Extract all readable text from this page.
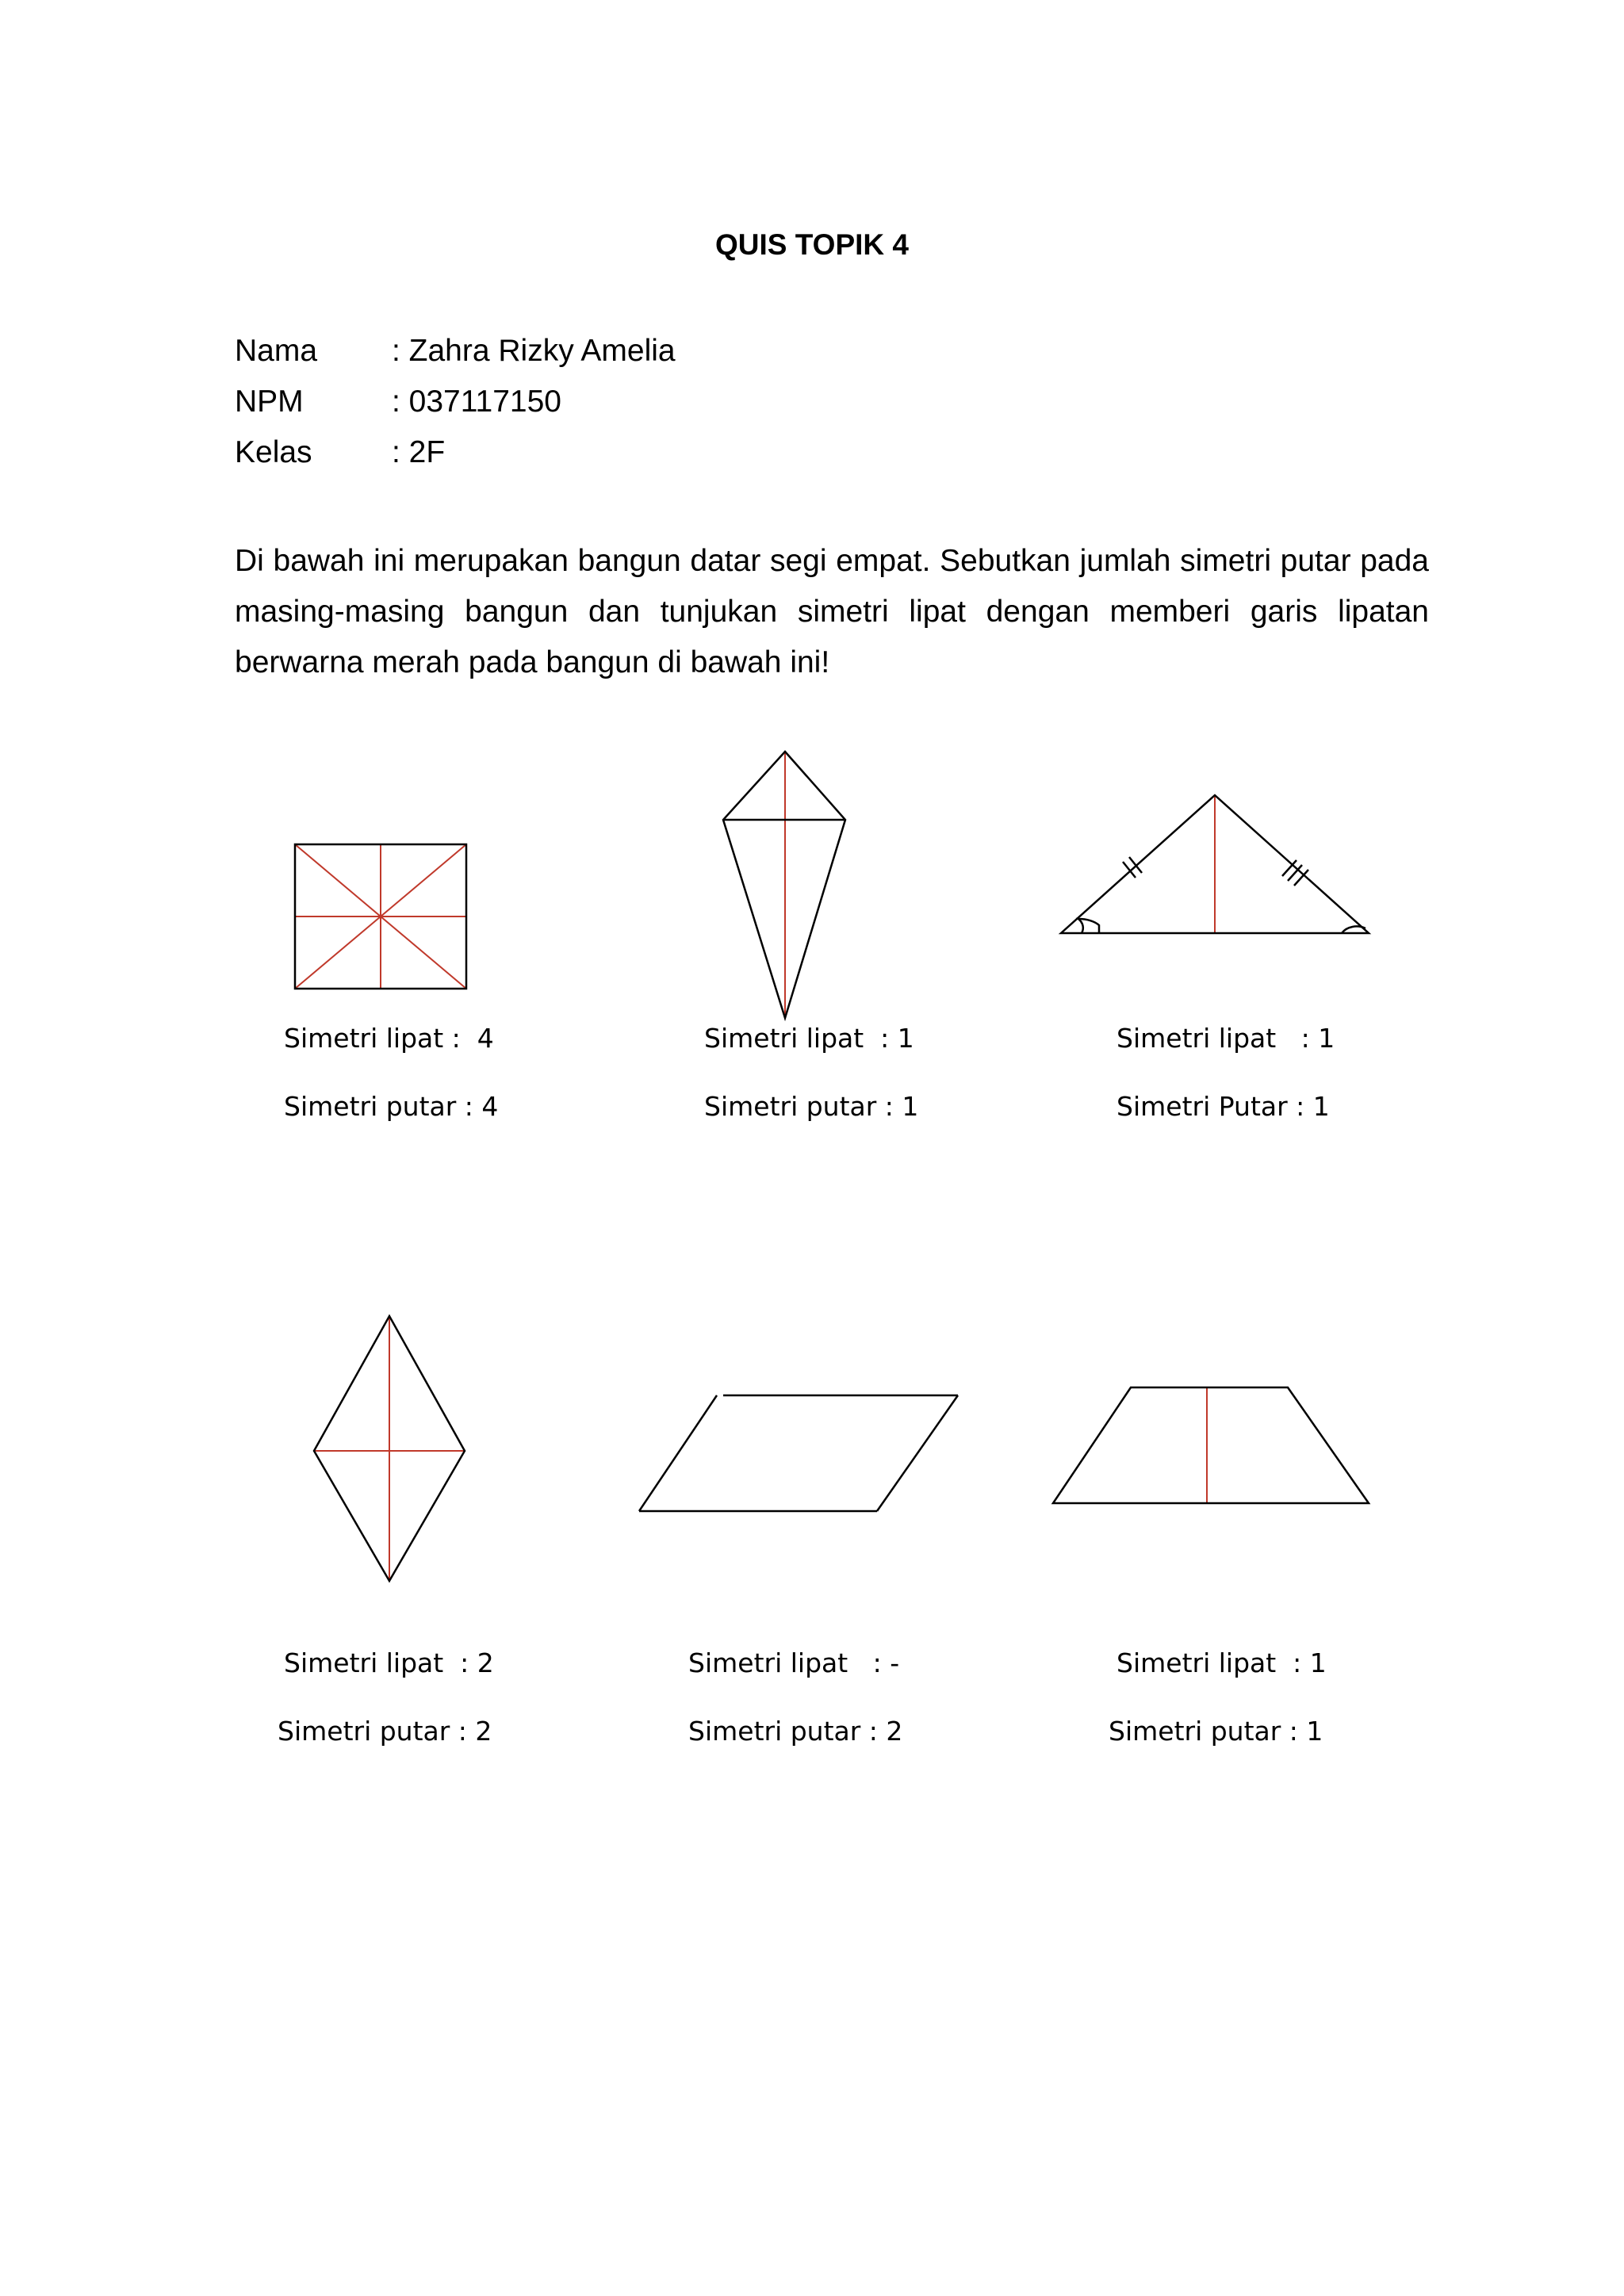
QUIS TOPIK 4
Nama	: Zahra Rizky Amelia
NPM	: 037117150
Kelas	: 2F
Di bawah ini merupakan bangun datar segi empat. Sebutkan jumlah simetri putar pada masing-masing bangun dan tunjukan simetri lipat dengan memberi garis lipatan berwarna merah pada bangun di bawah ini!
Simetri lipat :  4
Simetri putar : 4
Simetri lipat  : 1
Simetri putar : 1
Simetri lipat   : 1
Simetri Putar : 1
Simetri lipat  : 2
Simetri putar : 2
Simetri lipat   : -
Simetri putar : 2
Simetri lipat  : 1
Simetri putar : 1
